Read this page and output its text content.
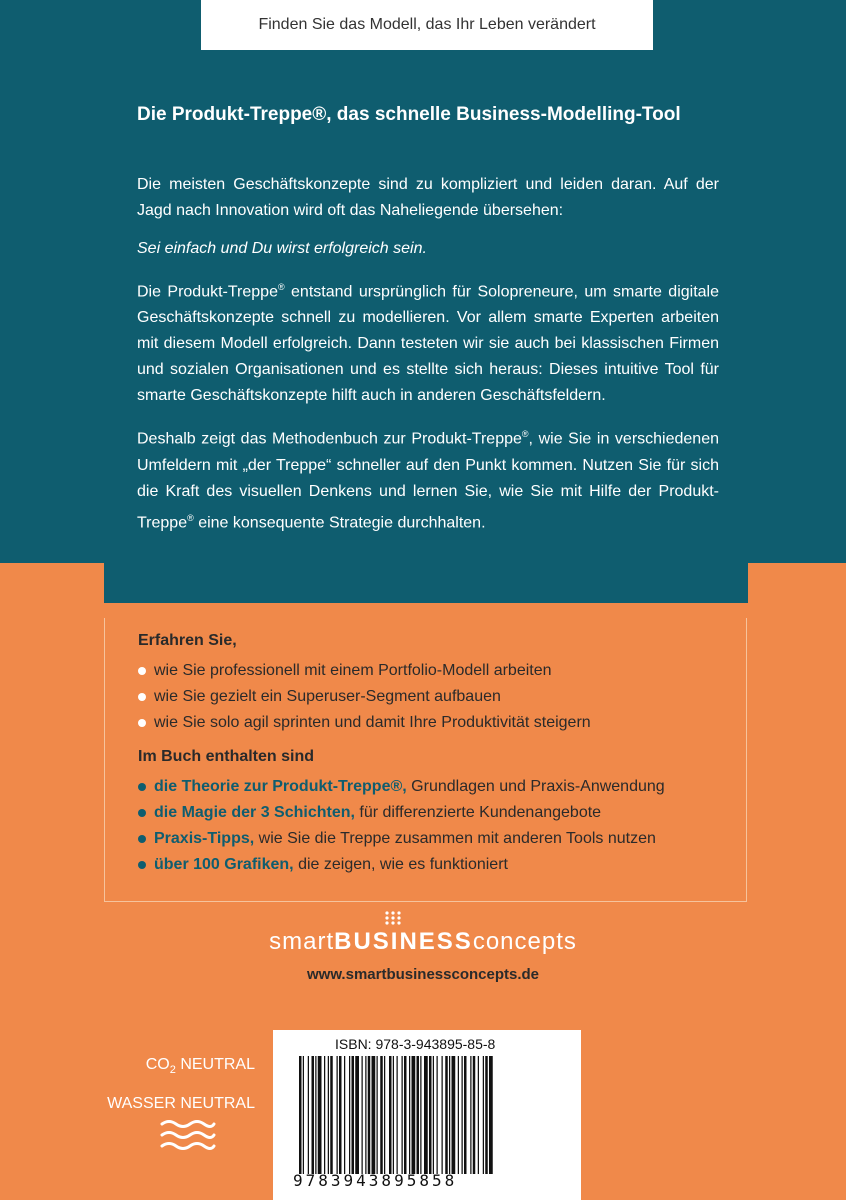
Finden Sie das Modell, das Ihr Leben verändert
Die Produkt-Treppe®, das schnelle Business-Modelling-Tool

Die meisten Geschäftskonzepte sind zu kompliziert und leiden daran. Auf der Jagd nach Innovation wird oft das Naheliegende übersehen:

Sei einfach und Du wirst erfolgreich sein.

Die Produkt-Treppe® entstand ursprünglich für Solopreneure, um smarte digitale Geschäftskonzepte schnell zu modellieren. Vor allem smarte Experten arbeiten mit diesem Modell erfolgreich. Dann testeten wir sie auch bei klassischen Firmen und sozialen Organisationen und es stellte sich heraus: Dieses intuitive Tool für smarte Geschäftskonzepte hilft auch in anderen Geschäftsfeldern.

Deshalb zeigt das Methodenbuch zur Produkt-Treppe®, wie Sie in verschiedenen Umfeldern mit „der Treppe“ schneller auf den Punkt kommen. Nutzen Sie für sich die Kraft des visuellen Denkens und lernen Sie, wie Sie mit Hilfe der Produkt-Treppe® eine konsequente Strategie durchhalten.

Erfahren Sie,
wie Sie professionell mit einem Portfolio-Modell arbeiten
wie Sie gezielt ein Superuser-Segment aufbauen
wie Sie solo agil sprinten und damit Ihre Produktivität steigern
Im Buch enthalten sind
die Theorie zur Produkt-Treppe®, Grundlagen und Praxis-Anwendung
die Magie der 3 Schichten, für differenzierte Kundenangebote
Praxis-Tipps, wie Sie die Treppe zusammen mit anderen Tools nutzen
über 100 Grafiken, die zeigen, wie es funktioniert
smartBUSINESSconcepts
www.smartbusinessconcepts.de
$CO_2$ NEUTRAL
WASSER NEUTRAL
ISBN: 978-3-943895-85-8
9783943895858
